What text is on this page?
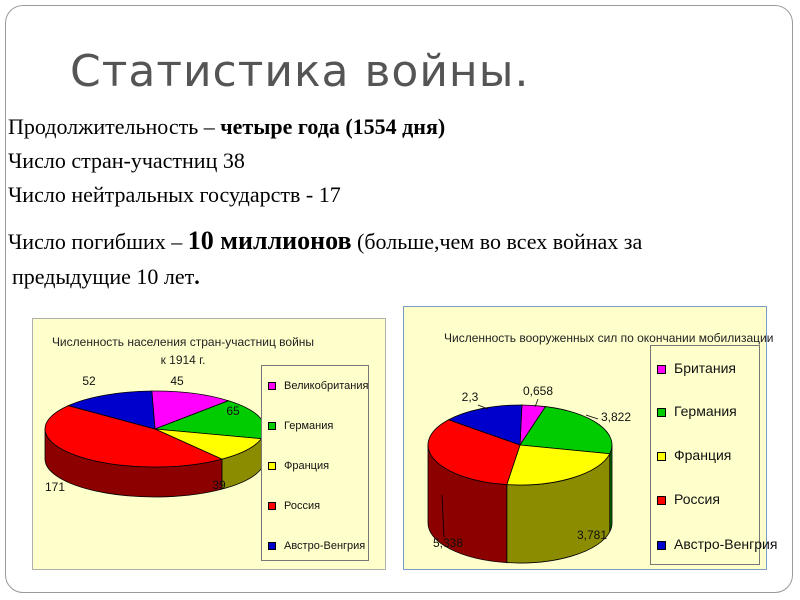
Статистика войны.
Продолжительность – четыре года (1554 дня)
Число стран-участниц 38
Число нейтральных государств - 17
Число погибших – 10 миллионов (больше,чем во всех войнах за
предыдущие 10 лет.
Численность населения стран-участниц войны
к 1914 г.
45
65
39
171
52	Великобритания
Германия
Франция
Россия
Австро-Венгрия
Численность вооруженных сил по окончании мобилизации
0,658
3,822
3,781
5,338
2,3
Британия
Германия
Франция
Россия
Австро-Венгрия
